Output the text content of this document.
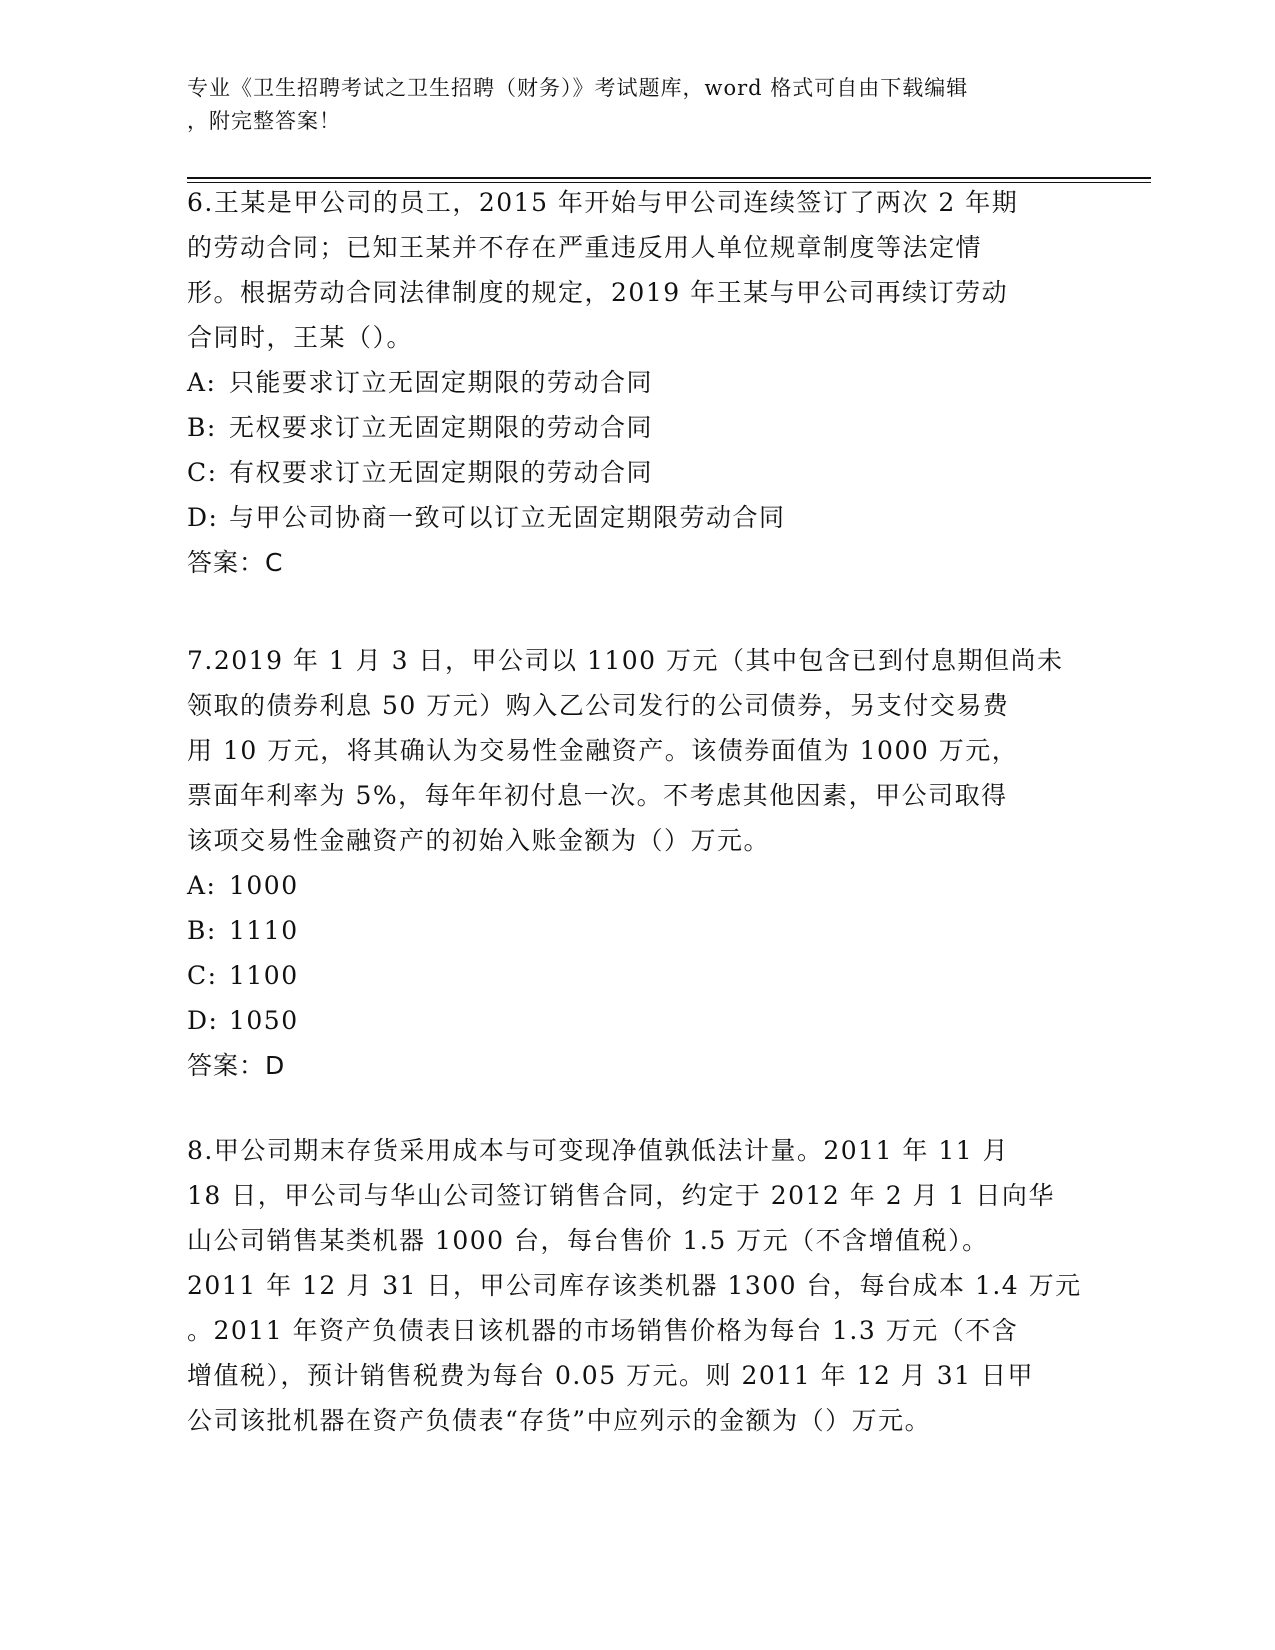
专业《卫生招聘考试之卫生招聘（财务）》考试题库，word 格式可自由下载编辑
，附完整答案！

6.王某是甲公司的员工，2015 年开始与甲公司连续签订了两次 2 年期
的劳动合同；已知王某并不存在严重违反用人单位规章制度等法定情
形。根据劳动合同法律制度的规定，2019 年王某与甲公司再续订劳动
合同时，王某（）。

A: 只能要求订立无固定期限的劳动合同
B: 无权要求订立无固定期限的劳动合同
C: 有权要求订立无固定期限的劳动合同
D: 与甲公司协商一致可以订立无固定期限劳动合同
答案：C

7.2019 年 1 月 3 日，甲公司以 1100 万元（其中包含已到付息期但尚未
领取的债券利息 50 万元）购入乙公司发行的公司债券，另支付交易费
用 10 万元，将其确认为交易性金融资产。该债券面值为 1000 万元，
票面年利率为 5%，每年年初付息一次。不考虑其他因素，甲公司取得
该项交易性金融资产的初始入账金额为（）万元。

A: 1000
B: 1110
C: 1100
D: 1050
答案：D

8.甲公司期末存货采用成本与可变现净值孰低法计量。2011 年 11 月
18 日，甲公司与华山公司签订销售合同，约定于 2012 年 2 月 1 日向华
山公司销售某类机器 1000 台，每台售价 1.5 万元（不含增值税）。
2011 年 12 月 31 日，甲公司库存该类机器 1300 台，每台成本 1.4 万元
。2011 年资产负债表日该机器的市场销售价格为每台 1.3 万元（不含
增值税），预计销售税费为每台 0.05 万元。则 2011 年 12 月 31 日甲
公司该批机器在资产负债表“存货”中应列示的金额为（）万元。
